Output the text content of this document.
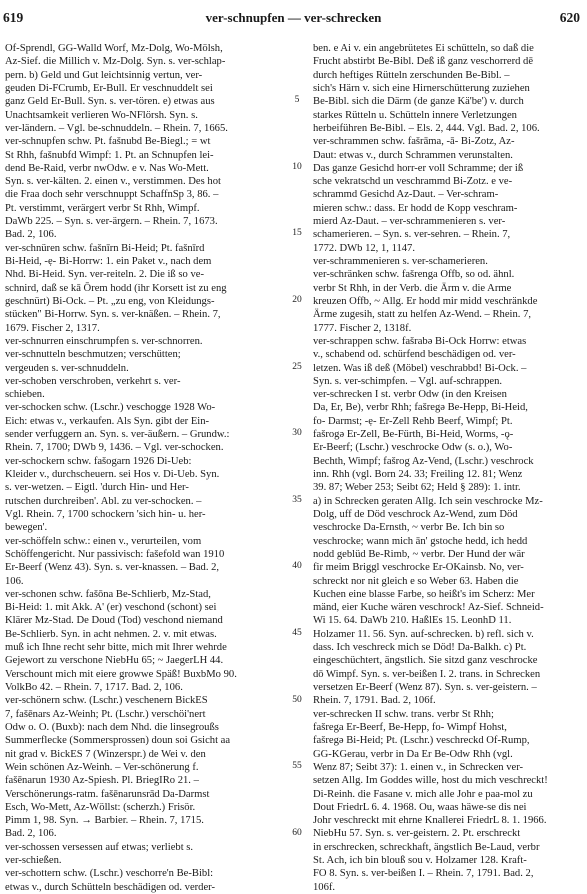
619	ver-schnupfen — ver-schrecken	620
Of-Sprendl, GG-Walld Worf, Mz-Dolg, Wo-Mölsh,
Az-Sief. die Millich v. Mz-Dolg. Syn. s. ver-schlap-
pern. b) Geld und Gut leichtsinnig vertun, ver-
geuden Di-FCrumb, Er-Bull. Er veschnuddelt sei
ganz Geld Er-Bull. Syn. s. ver-tören. e) etwas aus
Unachtsamkeit verlieren Wo-NFlörsh. Syn. s.
ver-ländern. – Vgl. be-schnuddeln. – Rhein. 7, 1665.
ver-schnupfen schw. Pt. fašnubd Be-Biegl.; = wt
St Rhh, fašnubfd Wimpf: 1. Pt. an Schnupfen lei-
dend Be-Raid, verbr nwOdw. e v. Nas Wo-Mett.
Syn. s. ver-kälten. 2. einen v., verstimmen. Des hot
die Fraa doch sehr verschnuppt SchaffnSp 3, 86. –
Pt. verstimmt, verärgert verbr St Rhh, Wimpf.
DaWb 225. – Syn. s. ver-ärgern. – Rhein. 7, 1673.
Bad. 2, 106.
ver-schnüren schw. fašnīrn Bi-Heid; Pt. fašnīrd
Bi-Heid, -ẹ- Bi-Horrw: 1. ein Paket v., nach dem
Nhd. Bi-Heid. Syn. ver-reiteln. 2. Die iß so ve-
schnird, daß se kā Ōrem hodd (ihr Korsett ist zu eng
geschnürt) Bi-Ock. – Pt. „zu eng, von Kleidungs-
stücken" Bi-Horrw. Syn. s. ver-knäßen. – Rhein. 7,
1679. Fischer 2, 1317.
ver-schnurren einschrumpfen s. ver-schnorren.
ver-schnutteln beschmutzen; verschütten;
vergeuden s. ver-schnuddeln.
ver-schoben verschroben, verkehrt s. ver-
schieben.
ver-schocken schw. (Lschr.) veschogge 1928 Wo-
Eich: etwas v., verkaufen. Als Syn. gibt der Ein-
sender verfuggern an. Syn. s. ver-äußern. – Grundw.:
Rhein. 7, 1700; DWb 9, 1436. – Vgl. ver-schocken.
ver-schockern schw. fašogarn 1926 Di-Ueb:
Kleider v., durchscheuern. sei Hos v. Di-Ueb. Syn.
s. ver-wetzen. – Eigtl. 'durch Hin- und Her-
rutschen durchreiben'. Abl. zu ver-schocken. –
Vgl. Rhein. 7, 1700 schockern 'sich hin- u. her-
bewegen'.
ver-schöffeln schw.: einen v., verurteilen, vom
Schöffengericht. Nur passivisch: fašefold wan 1910
Er-Beerf (Wenz 43). Syn. s. ver-knassen. – Bad. 2,
106.
ver-schonen schw. fašōna Be-Schlierb, Mz-Stad,
Bi-Heid: 1. mit Akk. A' (er) veschond (schont) sei
Klärer Mz-Stad. De Doud (Tod) veschond niemand
Be-Schlierb. Syn. in acht nehmen. 2. v. mit etwas.
muß ich Ihne recht sehr bitte, mich mit Ihrer wehrde
Gejewort zu verschone NiebHu 65; ~ JaegerLH 44.
Verschount mich mit eiere growwe Späß! BuxbMo 90.
VolkBo 42. – Rhein. 7, 1717. Bad. 2, 106.
ver-schönern schw. (Lschr.) veschenern BickES
7, fašēnars Az-Weinh; Pt. (Lschr.) verschöi'nert
Odw o. O. (Buxb): nach dem Nhd. die linsegroußs
Summerflecke (Sommersprossen) doun soi Gsicht aa
nit grad v. BickES 7 (Winzerspr.) de Wei v. den
Wein schönen Az-Weinh. – Ver-schönerung f.
fašēnarun 1930 Az-Spiesh. Pl. BriegIRo 21. –
Verschönerungs-ratm. fašēnarunsrād Da-Darmst
Esch, Wo-Mett, Az-Wöllst: (scherzh.) Frisör.
Pimm 1, 98. Syn. → Barbier. – Rhein. 7, 1715.
Bad. 2, 106.
ver-schossen versessen auf etwas; verliebt s.
ver-schießen.
ver-schottern schw. (Lschr.) veschorre'n Be-Bibl:
etwas v., durch Schütteln beschädigen od. verder-
5
10
15
20
25
30
35
40
45
50
55
60
ben. e Ai v. ein angebrütetes Ei schütteln, so daß die
Frucht abstirbt Be-Bibl. Deß iß ganz veschorrerd dē
durch heftiges Rütteln zerschunden Be-Bibl. –
sich's Härn v. sich eine Hirnerschütterung zuziehen
Be-Bibl. sich die Därm (de ganze Kä'be') v. durch
starkes Rütteln u. Schütteln innere Verletzungen
herbeiführen Be-Bibl. – Els. 2, 444. Vgl. Bad. 2, 106.
ver-schrammen schw. fašrāma, -ā- Bi-Zotz, Az-
Daut: etwas v., durch Schrammen verunstalten.
Das ganze Gesichd horr-er voll Schramme; der iß
sche vekratschd un veschrammd Bi-Zotz. e ve-
schrammd Gesichd Az-Daut. – Ver-schram-
mieren schw.: dass. Er hodd de Kopp veschram-
mierd Az-Daut. – ver-schrammenieren s. ver-
schamerieren. – Syn. s. ver-sehren. – Rhein. 7,
1772. DWb 12, 1, 1147.
ver-schrammenieren s. ver-schamerieren.
ver-schränken schw. fašrenga Offb, so od. ähnl.
verbr St Rhh, in der Verb. die Ärm v. die Arme
kreuzen Offb, ~ Allg. Er hodd mir midd veschränkde
Ärme zugesih, statt zu helfen Az-Wend. – Rhein. 7,
1777. Fischer 2, 1318f.
ver-schrappen schw. fašrabə Bi-Ock Horrw: etwas
v., schabend od. schürfend beschädigen od. ver-
letzen. Was iß deß (Möbel) veschrabbd! Bi-Ock. –
Syn. s. ver-schimpfen. – Vgl. auf-schrappen.
ver-schrecken I st. verbr Odw (in den Kreisen
Da, Er, Be), verbr Rhh; fašregə Be-Hepp, Bi-Heid,
fo- Darmst; -ẹ- Er-Zell Rehb Beerf, Wimpf; Pt.
fašrogə Er-Zell, Be-Fürth, Bi-Heid, Worms, -ǫ-
Er-Beerf; (Lschr.) veschrocke Odw (s. o.), Wo-
Bechth, Wimpf; fašrog Az-Vend, (Lschr.) veschrock
inn. Rhh (vgl. Born 24. 33; Freiling 12. 81; Wenz
39. 87; Weber 253; Seibt 62; Held § 289): 1. intr.
a) in Schrecken geraten Allg. Ich sein veschrocke Mz-
Dolg, uff de Död veschrock Az-Wend, zum Död
veschrocke Da-Ernsth, ~ verbr Be. Ich bin so
veschrocke; wann mich ān' gstoche hedd, ich hedd
nodd geblüd Be-Rimb, ~ verbr. Der Hund der wär
fir meim Briggl veschrocke Er-OKainsb. No, ver-
schreckt nor nit gleich e so Weber 63. Haben die
Kuchen eine blasse Farbe, so heißt's im Scherz: Mer
mänd, eier Kuche wären veschrock! Az-Sief. Schneid-
Wi 15. 64. DaWb 210. HaßlEs 15. LeonhD 11.
Holzamer 11. 56. Syn. auf-schrecken. b) refl. sich v.
dass. Ich veschreck mich se Död! Da-Balkh. c) Pt.
eingeschüchtert, ängstlich. Sie sitzd ganz veschrocke
dō Wimpf. Syn. s. ver-beißen I. 2. trans. in Schrecken
versetzen Er-Beerf (Wenz 87). Syn. s. ver-geistern. –
Rhein. 7, 1791. Bad. 2, 106f.
ver-schrecken II schw. trans. verbr St Rhh;
fašrega Er-Beerf, Be-Hepp, fo- Wimpf Hohst,
fašregə Bi-Heid; Pt. (Lschr.) veschreckd Of-Rump,
GG-KGerau, verbr in Da Er Be-Odw Rhh (vgl.
Wenz 87; Seibt 37): 1. einen v., in Schrecken ver-
setzen Allg. Im Goddes wille, host du mich veschreckt!
Di-Reinh. die Fasane v. mich alle Johr e paa-mol zu
Dout FriedrL 6. 4. 1968. Ou, waas häwe-se dis nei
Johr veschreckt mit ehrne Knallerei FriedrL 8. 1. 1966.
NiebHu 57. Syn. s. ver-geistern. 2. Pt. erschreckt
in erschrecken, schreckhaft, ängstlich Be-Laud, verbr
St. Ach, ich bin blouß sou v. Holzamer 128. Kraft-
FO 8. Syn. s. ver-beißen I. – Rhein. 7, 1791. Bad. 2,
106f.
